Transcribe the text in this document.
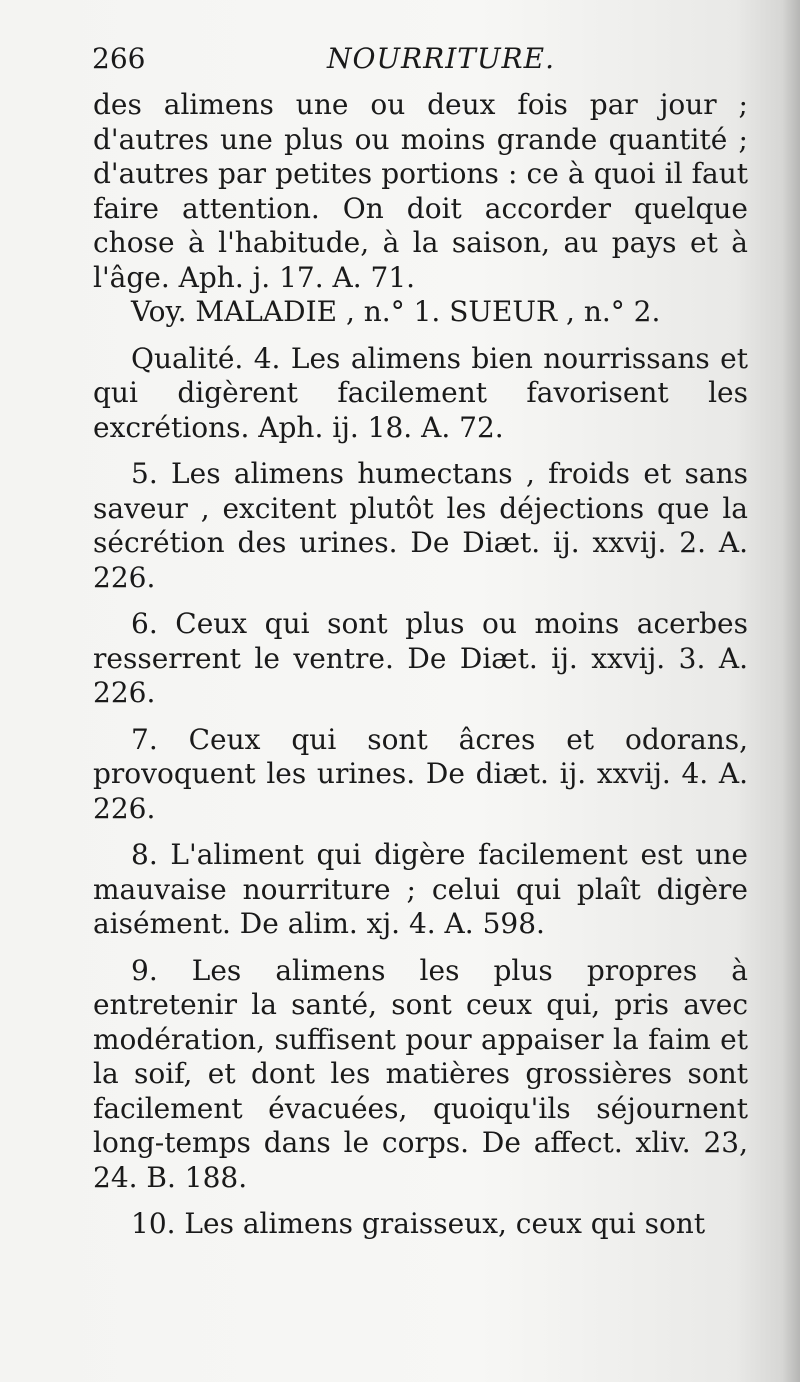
266	NOURRITURE.

des alimens une ou deux fois par jour ; d'autres une plus ou moins grande quantité ; d'autres par petites portions : ce à quoi il faut faire attention. On doit accorder quelque chose à l'habitude, à la saison, au pays et à l'âge. Aph. j. 17. A. 71.

Voy. MALADIE , n.° 1. SUEUR , n.° 2.

Qualité. 4. Les alimens bien nourrissans et qui digèrent facilement favorisent les excrétions. Aph. ij. 18. A. 72.

5. Les alimens humectans , froids et sans saveur , excitent plutôt les déjections que la sécrétion des urines. De Diæt. ij. xxvij. 2. A. 226.

6. Ceux qui sont plus ou moins acerbes resserrent le ventre. De Diæt. ij. xxvij. 3. A. 226.

7. Ceux qui sont âcres et odorans, provoquent les urines. De diæt. ij. xxvij. 4. A. 226.

8. L'aliment qui digère facilement est une mauvaise nourriture ; celui qui plaît digère aisément. De alim. xj. 4. A. 598.

9. Les alimens les plus propres à entretenir la santé, sont ceux qui, pris avec modération, suffisent pour appaiser la faim et la soif, et dont les matières grossières sont facilement évacuées, quoiqu'ils séjournent long-temps dans le corps. De affect. xliv. 23, 24. B. 188.

10. Les alimens graisseux, ceux qui sont
